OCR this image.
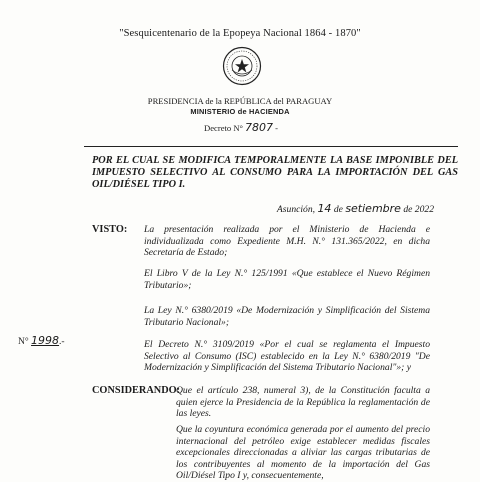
"Sesquicentenario de la Epopeya Nacional 1864 - 1870"
PRESIDENCIA de la REPÚBLICA del PARAGUAY
MINISTERIO de HACIENDA
Decreto N° 7807 -
POR EL CUAL SE MODIFICA TEMPORALMENTE LA BASE IMPONIBLE DEL IMPUESTO SELECTIVO AL CONSUMO PARA LA IMPORTACIÓN DEL GAS OIL/DIÉSEL TIPO I.
Asunción, 14 de setiembre de 2022
VISTO: La presentación realizada por el Ministerio de Hacienda e individualizada como Expediente M.H. N.° 131.365/2022, en dicha Secretaría de Estado;
El Libro V de la Ley N.° 125/1991 «Que establece el Nuevo Régimen Tributario»;
La Ley N.° 6380/2019 «De Modernización y Simplificación del Sistema Tributario Nacional»;
El Decreto N.° 3109/2019 «Por el cual se reglamenta el Impuesto Selectivo al Consumo (ISC) establecido en la Ley N.° 6380/2019 "De Modernización y Simplificación del Sistema Tributario Nacional"»; y
N° 1998.-
CONSIDERANDO:
Que el artículo 238, numeral 3), de la Constitución faculta a quien ejerce la Presidencia de la República la reglamentación de las leyes.
Que la coyuntura económica generada por el aumento del precio internacional del petróleo exige establecer medidas fiscales excepcionales direccionadas a aliviar las cargas tributarias de los contribuyentes al momento de la importación del Gas Oil/Diésel Tipo I y, consecuentemente,
